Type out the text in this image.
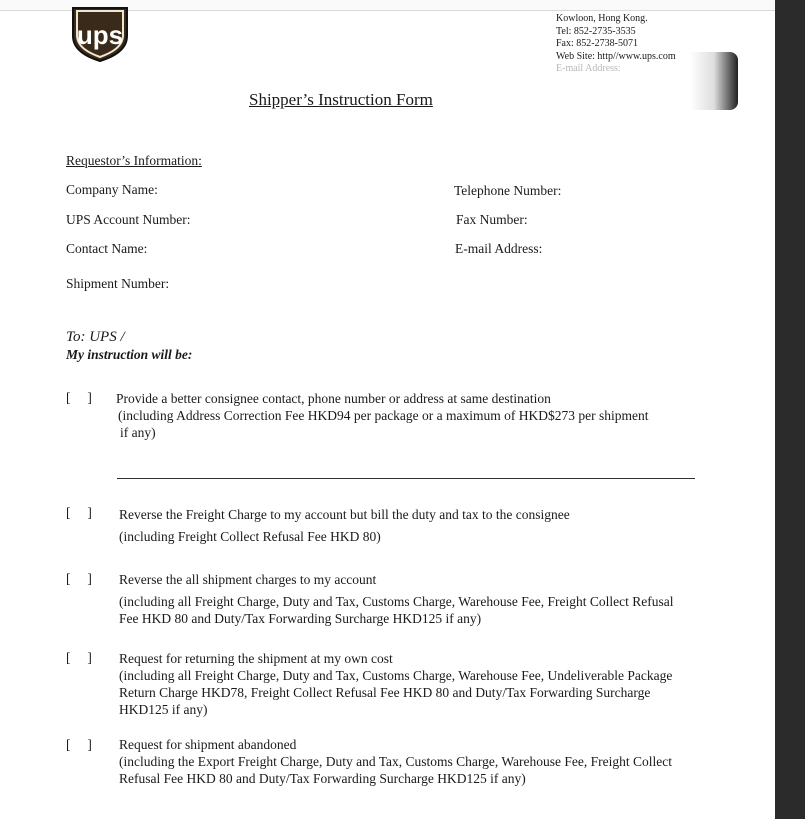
ups
Kowloon, Hong Kong.
Tel: 852-2735-3535
Fax: 852-2738-5071
Web Site: http//www.ups.com
E-mail Address:
Shipper’s Instruction Form
Requestor’s Information:
Company Name:
UPS Account Number:
Contact Name:
Shipment Number:
Telephone Number:
Fax Number:
E-mail Address:
To: UPS /
My instruction will be:
[     ] Provide a better consignee contact, phone number or address at same destination
(including Address Correction Fee HKD94 per package or a maximum of HKD$273 per shipment
if any)
[     ] Reverse the Freight Charge to my account but bill the duty and tax to the consignee
(including Freight Collect Refusal Fee HKD 80)
[     ] Reverse the all shipment charges to my account
(including all Freight Charge, Duty and Tax, Customs Charge, Warehouse Fee, Freight Collect Refusal
Fee HKD 80 and Duty/Tax Forwarding Surcharge HKD125 if any)
[     ] Request for returning the shipment at my own cost
(including all Freight Charge, Duty and Tax, Customs Charge, Warehouse Fee, Undeliverable Package
Return Charge HKD78, Freight Collect Refusal Fee HKD 80 and Duty/Tax Forwarding Surcharge
HKD125 if any)
[     ] Request for shipment abandoned
(including the Export Freight Charge, Duty and Tax, Customs Charge, Warehouse Fee, Freight Collect
Refusal Fee HKD 80 and Duty/Tax Forwarding Surcharge HKD125 if any)
